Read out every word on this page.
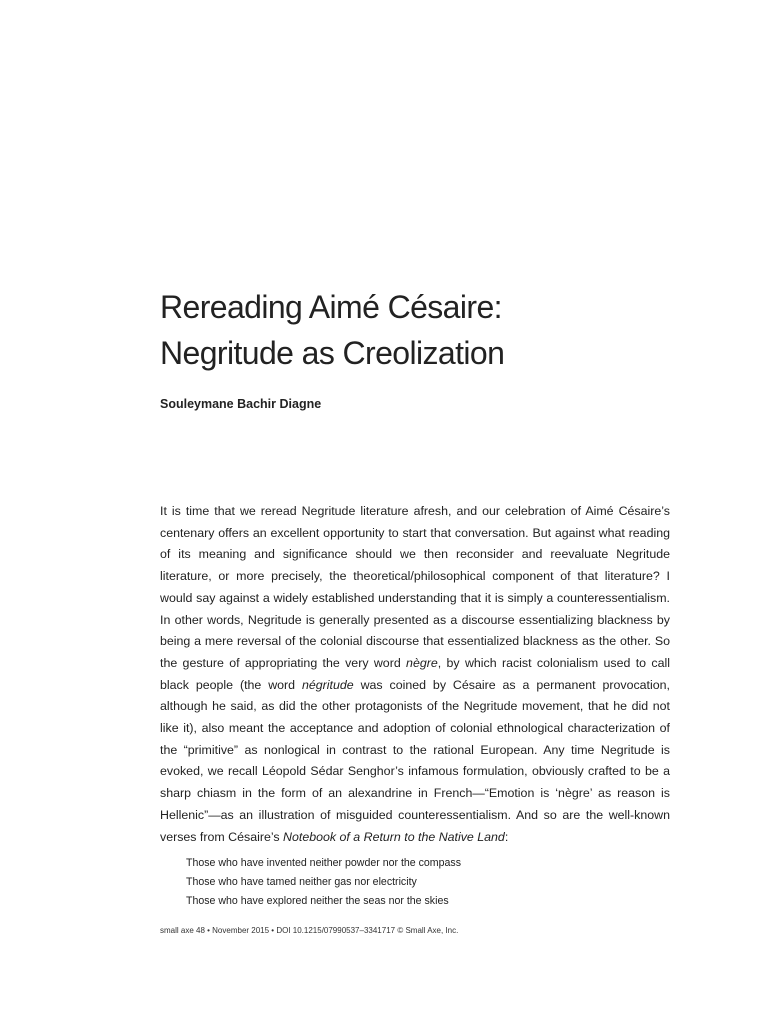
Rereading Aimé Césaire:
Negritude as Creolization

Souleymane Bachir Diagne

It is time that we reread Negritude literature afresh, and our celebration of Aimé Césaire’s centenary offers an excellent opportunity to start that conversation. But against what reading of its meaning and significance should we then reconsider and reevaluate Negritude literature, or more precisely, the theoretical/philosophical component of that literature? I would say against a widely established understanding that it is simply a counteressentialism. In other words, Negritude is generally presented as a discourse essentializing blackness by being a mere reversal of the colonial discourse that essentialized blackness as the other. So the gesture of appropriating the very word nègre, by which racist colonialism used to call black people (the word négritude was coined by Césaire as a permanent provocation, although he said, as did the other protagonists of the Negritude movement, that he did not like it), also meant the acceptance and adoption of colonial ethnological characterization of the “primitive” as nonlogical in contrast to the rational European. Any time Negritude is evoked, we recall Léopold Sédar Senghor’s infamous formulation, obviously crafted to be a sharp chiasm in the form of an alexandrine in French—“Emotion is ‘nègre’ as reason is Hellenic”—as an illustration of misguided counteressentialism. And so are the well-known verses from Césaire’s Notebook of a Return to the Native Land:

Those who have invented neither powder nor the compass
Those who have tamed neither gas nor electricity
Those who have explored neither the seas nor the skies

small axe 48 • November 2015 • DOI 10.1215/07990537–3341717 © Small Axe, Inc.
